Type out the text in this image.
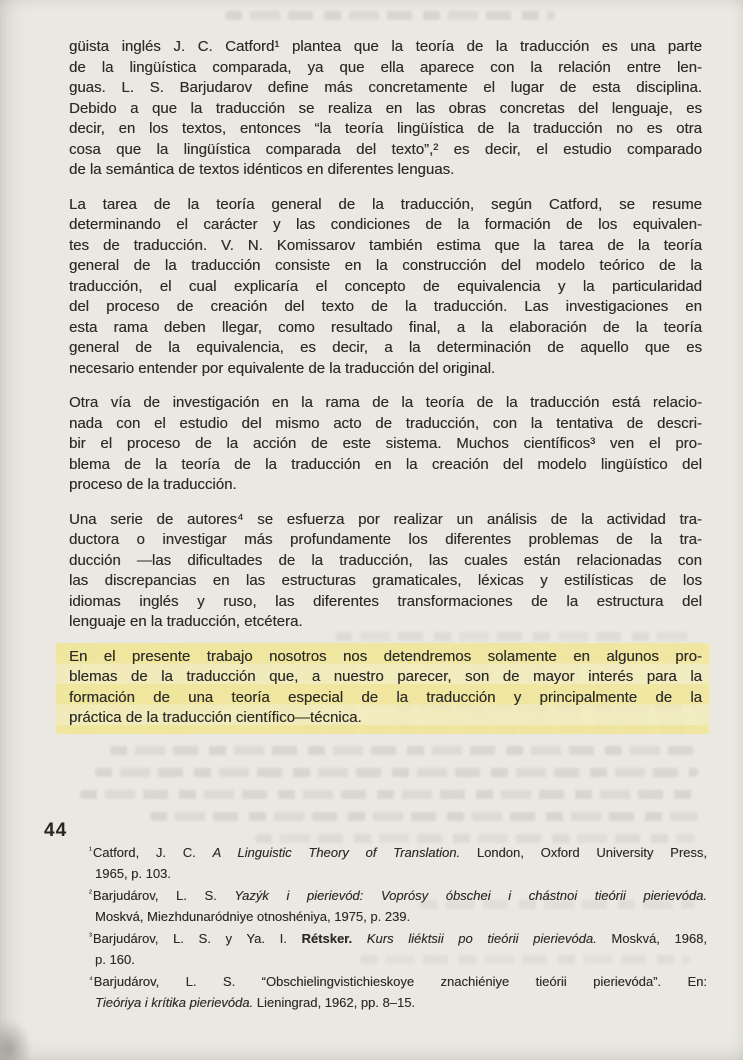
güista inglés J. C. Catford¹ plantea que la teoría de la traducción es una parte
de la lingüística comparada, ya que ella aparece con la relación entre len-
guas. L. S. Barjudarov define más concretamente el lugar de esta disciplina.
Debido a que la traducción se realiza en las obras concretas del lenguaje, es
decir, en los textos, entonces “la teoría lingüística de la traducción no es otra
cosa que la lingüística comparada del texto”,² es decir, el estudio comparado
de la semántica de textos idénticos en diferentes lenguas.
La tarea de la teoría general de la traducción, según Catford, se resume
determinando el carácter y las condiciones de la formación de los equivalen-
tes de traducción. V. N. Komissarov también estima que la tarea de la teoría
general de la traducción consiste en la construcción del modelo teórico de la
traducción, el cual explicaría el concepto de equivalencia y la particularidad
del proceso de creación del texto de la traducción. Las investigaciones en
esta rama deben llegar, como resultado final, a la elaboración de la teoría
general de la equivalencia, es decir, a la determinación de aquello que es
necesario entender por equivalente de la traducción del original.
Otra vía de investigación en la rama de la teoría de la traducción está relacio-
nada con el estudio del mismo acto de traducción, con la tentativa de descri-
bir el proceso de la acción de este sistema. Muchos científicos³ ven el pro-
blema de la teoría de la traducción en la creación del modelo lingüístico del
proceso de la traducción.
Una serie de autores⁴ se esfuerza por realizar un análisis de la actividad tra-
ductora o investigar más profundamente los diferentes problemas de la tra-
ducción —las dificultades de la traducción, las cuales están relacionadas con
las discrepancias en las estructuras gramaticales, léxicas y estilísticas de los
idiomas inglés y ruso, las diferentes transformaciones de la estructura del
lenguaje en la traducción, etcétera.
En el presente trabajo nosotros nos detendremos solamente en algunos pro-
blemas de la traducción que, a nuestro parecer, son de mayor interés para la
formación de una teoría especial de la traducción y principalmente de la
práctica de la traducción científico—técnica.
44
$^{^1}$Catford, J. C. A Linguistic Theory of Translation. London, Oxford University Press,
1965, p. 103.
$^{^2}$Barjudárov, L. S. Yazýk i pierievód: Voprósy óbschei i chástnoi tieórii pierievóda.
Moskvá, Miezhdunaródniye otnoshéniya, 1975, p. 239.
$^{^3}$Barjudárov, L. S. y Ya. I. Rétsker. Kurs liéktsii po tieórii pierievóda. Moskvá, 1968,
p. 160.
$^{^4}$Barjudárov, L. S. “Obschielingvistichieskoye znachiéniye tieórii pierievóda”. En:
Tieóriya i krítika pierievóda. Lieningrad, 1962, pp. 8–15.
